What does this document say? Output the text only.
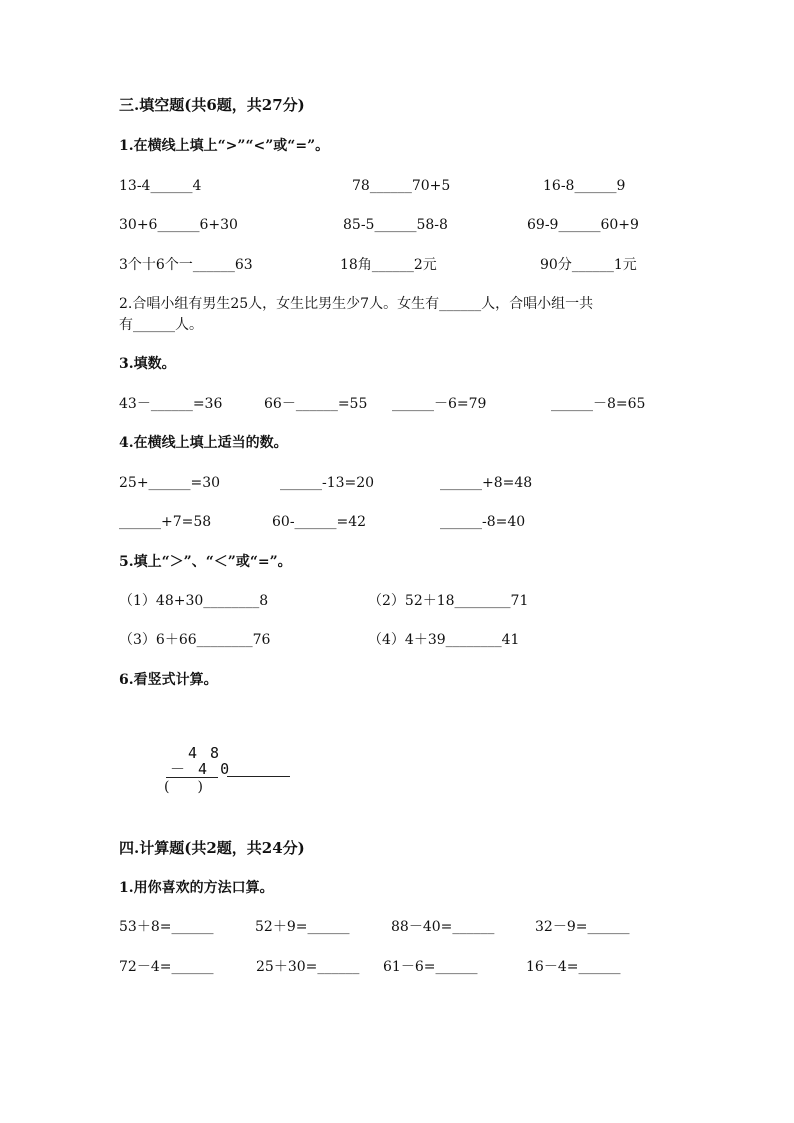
三.填空题(共6题，共27分)
1.在横线上填上“>”“<”或“=”。
13-4______4	78______70+5	16-8______9
30+6______6+30	85-5______58-8	69-9______60+9
3个十6个一______63	18角______2元	90分______1元
2.合唱小组有男生25人，女生比男生少7人。女生有______人，合唱小组一共
有______人。
3.填数。
43－______=36	66－______=55 ______－6=79	______－8=65
4.在横线上填上适当的数。
25+______=30	______-13=20	______+8=48
______+7=58	60-______=42	______-8=40
5.填上“＞”、“＜”或“=”。
（1）48+30________8	（2）52＋18________71
（3）6＋66________76	（4）4＋39________41
6.看竖式计算。
4 8
－ 4 0
(　　)
四.计算题(共2题，共24分)
1.用你喜欢的方法口算。
53＋8=______	52＋9=______	88－40=______	32－9=______
72－4=______	25＋30=______ 61－6=______	16－4=______
